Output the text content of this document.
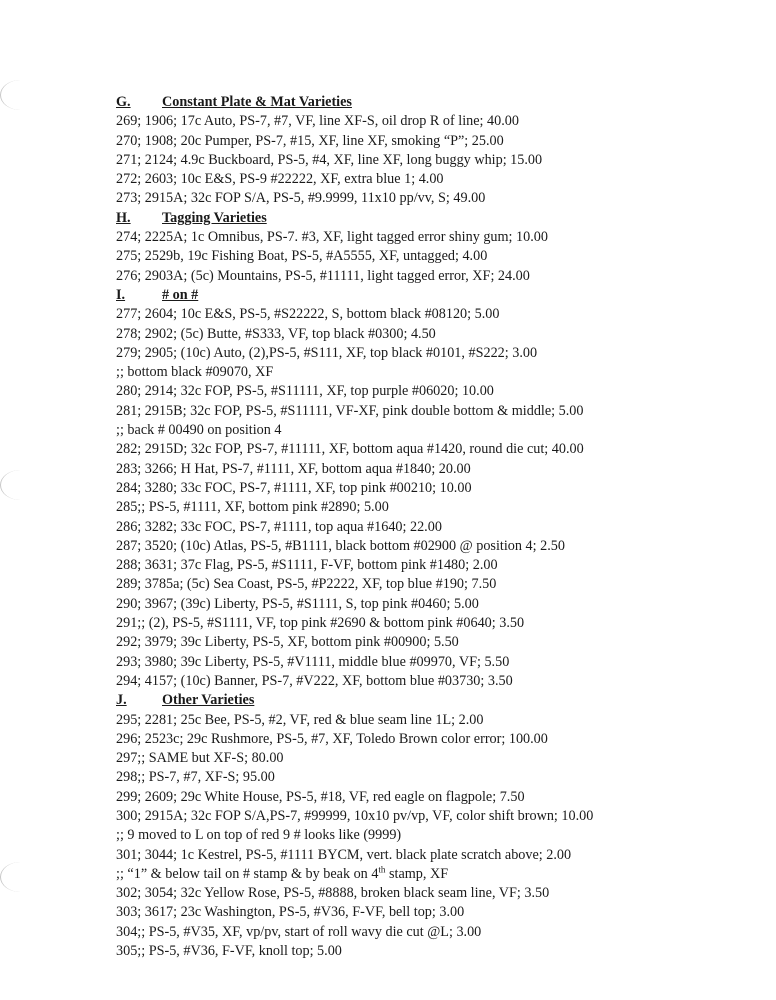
G. Constant Plate & Mat Varieties
269; 1906; 17c Auto, PS-7, #7, VF, line XF-S, oil drop R of line; 40.00
270; 1908; 20c Pumper, PS-7, #15, XF, line XF, smoking “P”; 25.00
271; 2124; 4.9c Buckboard, PS-5, #4, XF, line XF, long buggy whip; 15.00
272; 2603; 10c E&S, PS-9 #22222, XF, extra blue 1; 4.00
273; 2915A; 32c FOP S/A, PS-5, #9.9999, 11x10 pp/vv, S; 49.00
H. Tagging Varieties
274; 2225A; 1c Omnibus, PS-7. #3, XF, light tagged error shiny gum; 10.00
275; 2529b, 19c Fishing Boat, PS-5, #A5555, XF, untagged; 4.00
276; 2903A; (5c) Mountains, PS-5, #11111, light tagged error, XF; 24.00
I.	# on #
277; 2604; 10c E&S, PS-5, #S22222, S, bottom black #08120; 5.00
278; 2902; (5c) Butte, #S333, VF, top black #0300; 4.50
279; 2905; (10c) Auto, (2),PS-5, #S111, XF, top black #0101, #S222; 3.00
;; bottom black #09070, XF
280; 2914; 32c FOP, PS-5, #S11111, XF, top purple #06020; 10.00
281; 2915B; 32c FOP, PS-5, #S11111, VF-XF, pink double bottom & middle; 5.00
;; back # 00490 on position 4
282; 2915D; 32c FOP, PS-7, #11111, XF, bottom aqua #1420, round die cut; 40.00
283; 3266; H Hat, PS-7, #1111, XF, bottom aqua #1840; 20.00
284; 3280; 33c FOC, PS-7, #1111, XF, top pink #00210; 10.00
285;; PS-5, #1111, XF, bottom pink #2890; 5.00
286; 3282; 33c FOC, PS-7, #1111, top aqua #1640; 22.00
287; 3520; (10c) Atlas, PS-5, #B1111, black bottom #02900 @ position 4; 2.50
288; 3631; 37c Flag, PS-5, #S1111, F-VF, bottom pink #1480; 2.00
289; 3785a; (5c) Sea Coast, PS-5, #P2222, XF, top blue #190; 7.50
290; 3967; (39c) Liberty, PS-5, #S1111, S, top pink #0460; 5.00
291;; (2), PS-5, #S1111, VF, top pink #2690 & bottom pink #0640; 3.50
292; 3979; 39c Liberty, PS-5, XF, bottom pink #00900; 5.50
293; 3980; 39c Liberty, PS-5, #V1111, middle blue #09970, VF; 5.50
294; 4157; (10c) Banner, PS-7, #V222, XF, bottom blue #03730; 3.50
J. Other Varieties
295; 2281; 25c Bee, PS-5, #2, VF, red & blue seam line 1L; 2.00
296; 2523c; 29c Rushmore, PS-5, #7, XF, Toledo Brown color error; 100.00
297;; SAME but XF-S; 80.00
298;; PS-7, #7, XF-S; 95.00
299; 2609; 29c White House, PS-5, #18, VF, red eagle on flagpole; 7.50
300; 2915A; 32c FOP S/A,PS-7, #99999, 10x10 pv/vp, VF, color shift brown; 10.00
;; 9 moved to L on top of red 9 # looks like (9999)
301; 3044; 1c Kestrel, PS-5, #1111 BYCM, vert. black plate scratch above; 2.00
;; “1” & below tail on # stamp & by beak on 4th stamp, XF
302; 3054; 32c Yellow Rose, PS-5, #8888, broken black seam line, VF; 3.50
303; 3617; 23c Washington, PS-5, #V36, F-VF, bell top; 3.00
304;; PS-5, #V35, XF, vp/pv, start of roll wavy die cut @L; 3.00
305;; PS-5, #V36, F-VF, knoll top; 5.00
